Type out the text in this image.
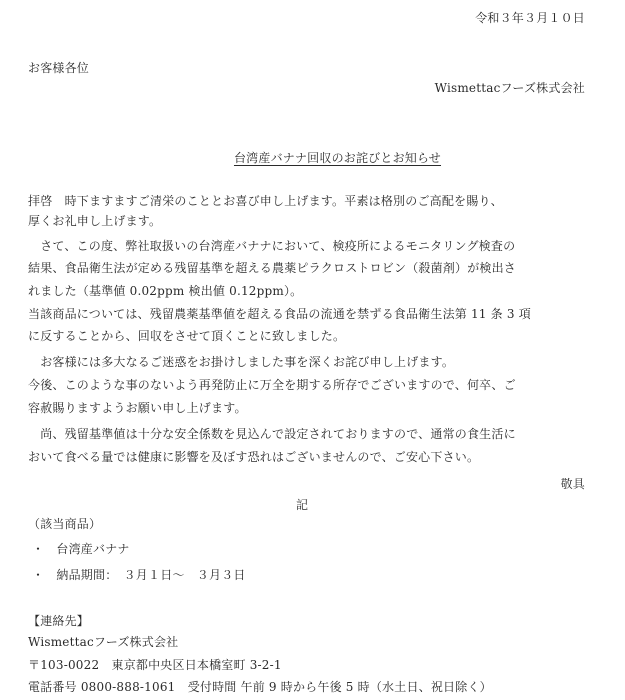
令和３年３月１０日
お客様各位
Wismettacフーズ株式会社
台湾産バナナ回収のお詫びとお知らせ
拝啓　時下ますますご清栄のこととお喜び申し上げます。平素は格別のご高配を賜り、
厚くお礼申し上げます。
　さて、この度、弊社取扱いの台湾産バナナにおいて、検疫所によるモニタリング検査の
結果、食品衛生法が定める残留基準を超える農薬ピラクロストロビン（殺菌剤）が検出さ
れました（基準値 0.02ppm 検出値 0.12ppm）。
当該商品については、残留農薬基準値を超える食品の流通を禁ずる食品衛生法第 11 条 3 項
に反することから、回収をさせて頂くことに致しました。
　お客様には多大なるご迷惑をお掛けしました事を深くお詫び申し上げます。
今後、このような事のないよう再発防止に万全を期する所存でございますので、何卒、ご
容赦賜りますようお願い申し上げます。
　尚、残留基準値は十分な安全係数を見込んで設定されておりますので、通常の食生活に
おいて食べる量では健康に影響を及ぼす恐れはございませんので、ご安心下さい。
敬具
記
（該当商品）
・　台湾産バナナ
・　納品期間：　３月１日～　３月３日
【連絡先】
Wismettacフーズ株式会社
〒103-0022　東京都中央区日本橋室町 3-2-1
電話番号 0800-888-1061　受付時間 午前 9 時から午後 5 時（水土日、祝日除く）
